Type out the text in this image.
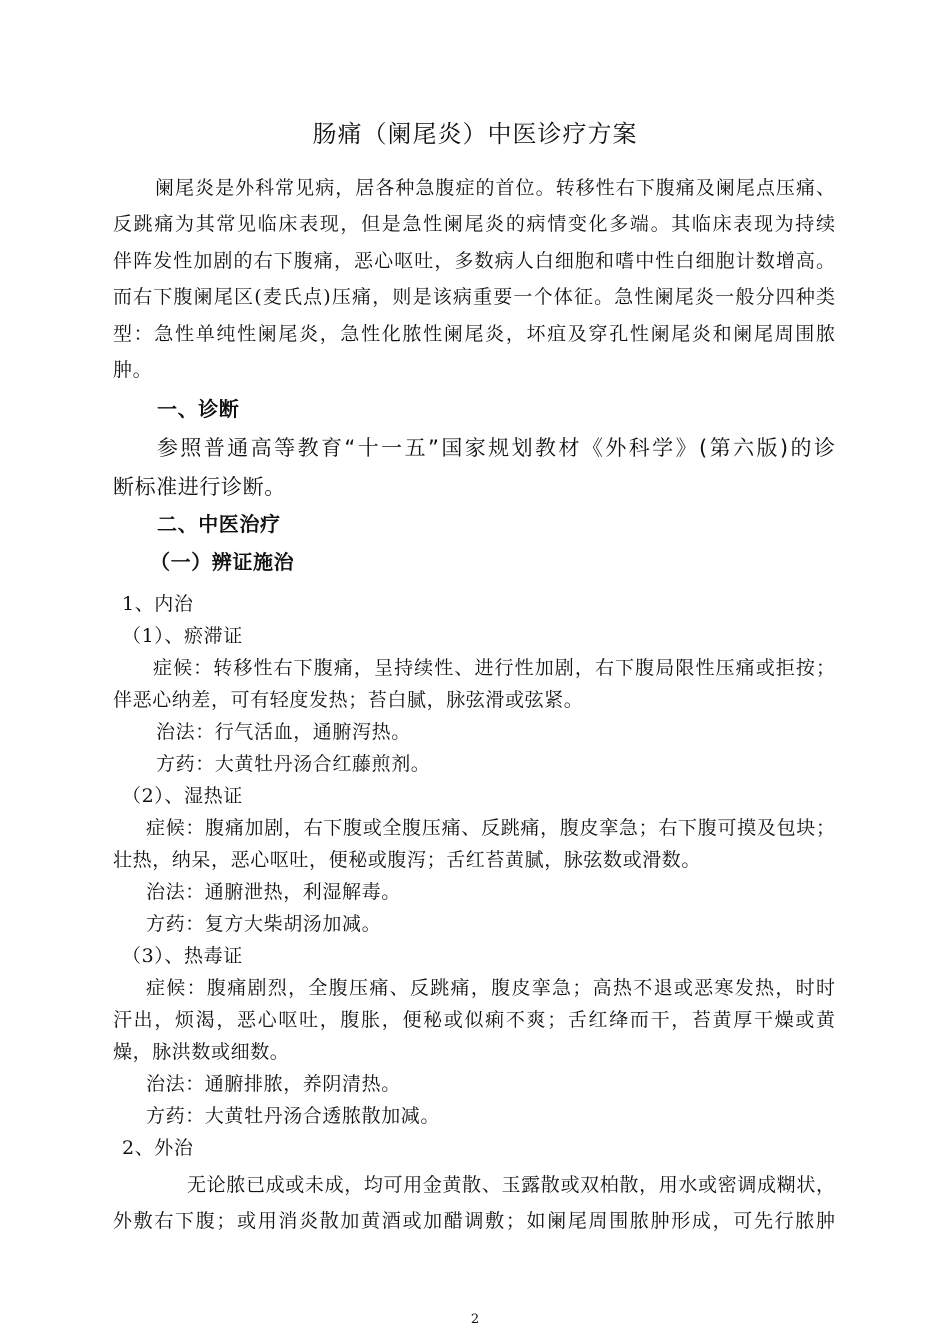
肠痛（阑尾炎）中医诊疗方案
阑尾炎是外科常见病，居各种急腹症的首位。转移性右下腹痛及阑尾点压痛、
反跳痛为其常见临床表现，但是急性阑尾炎的病情变化多端。其临床表现为持续
伴阵发性加剧的右下腹痛，恶心呕吐，多数病人白细胞和嗜中性白细胞计数增高。
而右下腹阑尾区(麦氏点)压痛，则是该病重要一个体征。急性阑尾炎一般分四种类
型：急性单纯性阑尾炎，急性化脓性阑尾炎，坏疽及穿孔性阑尾炎和阑尾周围脓
肿。
一、诊断
参照普通高等教育“十一五”国家规划教材《外科学》(第六版)的诊
断标准进行诊断。
二、中医治疗
（一）辨证施治
1、内治
（1）、瘀滞证
症候：转移性右下腹痛，呈持续性、进行性加剧，右下腹局限性压痛或拒按；
伴恶心纳差，可有轻度发热；苔白腻，脉弦滑或弦紧。
治法：行气活血，通腑泻热。
方药：大黄牡丹汤合红藤煎剂。
（2）、湿热证
症候：腹痛加剧，右下腹或全腹压痛、反跳痛，腹皮挛急；右下腹可摸及包块；
壮热，纳呆，恶心呕吐，便秘或腹泻；舌红苔黄腻，脉弦数或滑数。
治法：通腑泄热，利湿解毒。
方药：复方大柴胡汤加减。
（3）、热毒证
症候：腹痛剧烈，全腹压痛、反跳痛，腹皮挛急；高热不退或恶寒发热，时时
汗出，烦渴，恶心呕吐，腹胀，便秘或似痢不爽；舌红绛而干，苔黄厚干燥或黄
燥，脉洪数或细数。
治法：通腑排脓，养阴清热。
方药：大黄牡丹汤合透脓散加减。
2、外治
无论脓已成或未成，均可用金黄散、玉露散或双柏散，用水或密调成糊状，
外敷右下腹；或用消炎散加黄酒或加醋调敷；如阑尾周围脓肿形成，可先行脓肿
2
